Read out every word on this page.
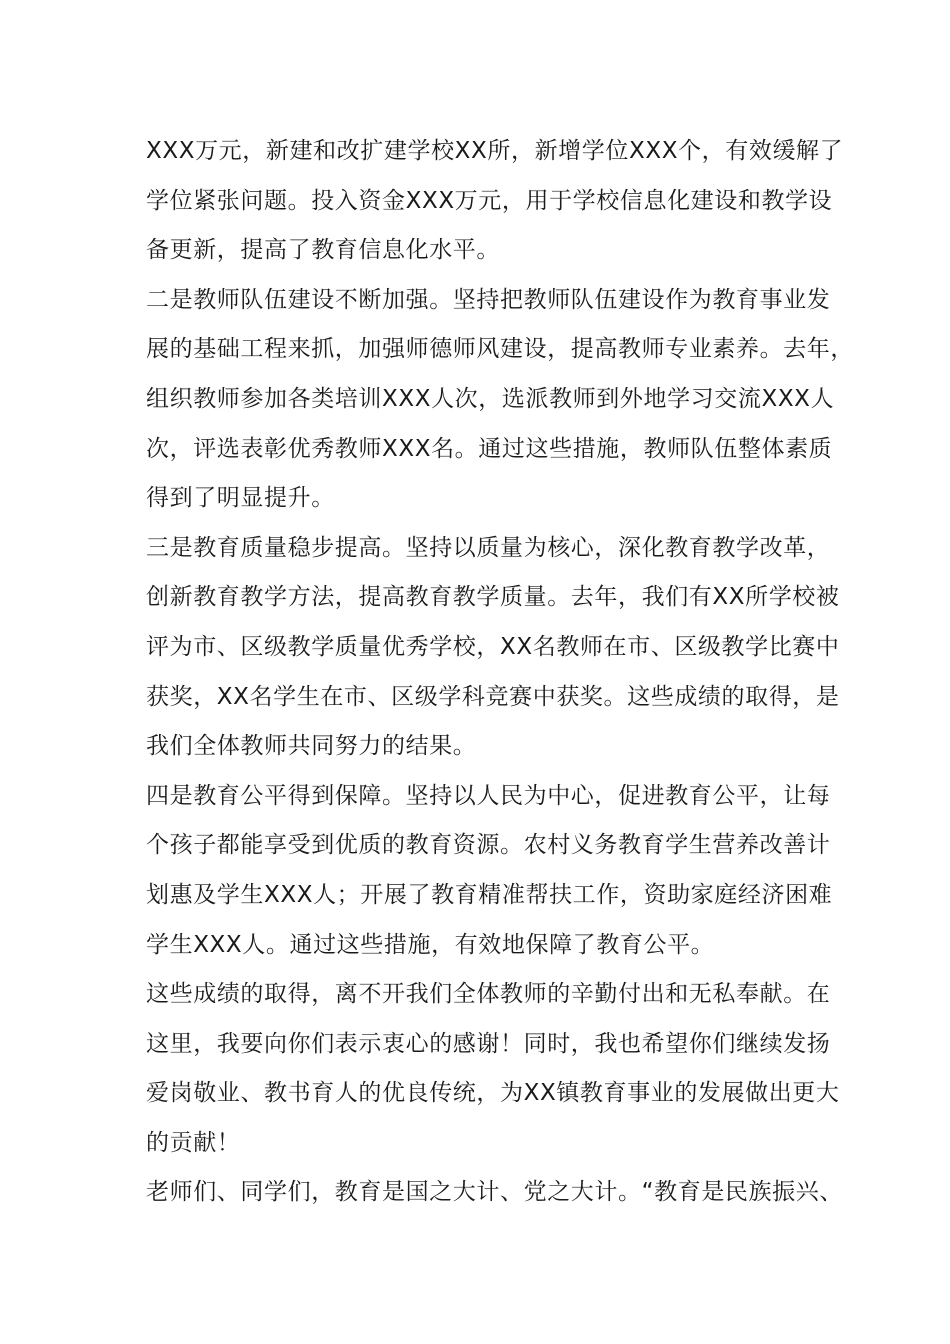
XXX万元，新建和改扩建学校XX所，新增学位XXX个，有效缓解了
学位紧张问题。投入资金XXX万元，用于学校信息化建设和教学设
备更新，提高了教育信息化水平。
二是教师队伍建设不断加强。坚持把教师队伍建设作为教育事业发
展的基础工程来抓，加强师德师风建设，提高教师专业素养。去年，
组织教师参加各类培训XXX人次，选派教师到外地学习交流XXX人
次，评选表彰优秀教师XXX名。通过这些措施，教师队伍整体素质
得到了明显提升。
三是教育质量稳步提高。坚持以质量为核心，深化教育教学改革，
创新教育教学方法，提高教育教学质量。去年，我们有XX所学校被
评为市、区级教学质量优秀学校，XX名教师在市、区级教学比赛中
获奖，XX名学生在市、区级学科竞赛中获奖。这些成绩的取得，是
我们全体教师共同努力的结果。
四是教育公平得到保障。坚持以人民为中心，促进教育公平，让每
个孩子都能享受到优质的教育资源。农村义务教育学生营养改善计
划惠及学生XXX人；开展了教育精准帮扶工作，资助家庭经济困难
学生XXX人。通过这些措施，有效地保障了教育公平。
这些成绩的取得，离不开我们全体教师的辛勤付出和无私奉献。在
这里，我要向你们表示衷心的感谢！同时，我也希望你们继续发扬
爱岗敬业、教书育人的优良传统，为XX镇教育事业的发展做出更大
的贡献！
老师们、同学们，教育是国之大计、党之大计。“教育是民族振兴、
